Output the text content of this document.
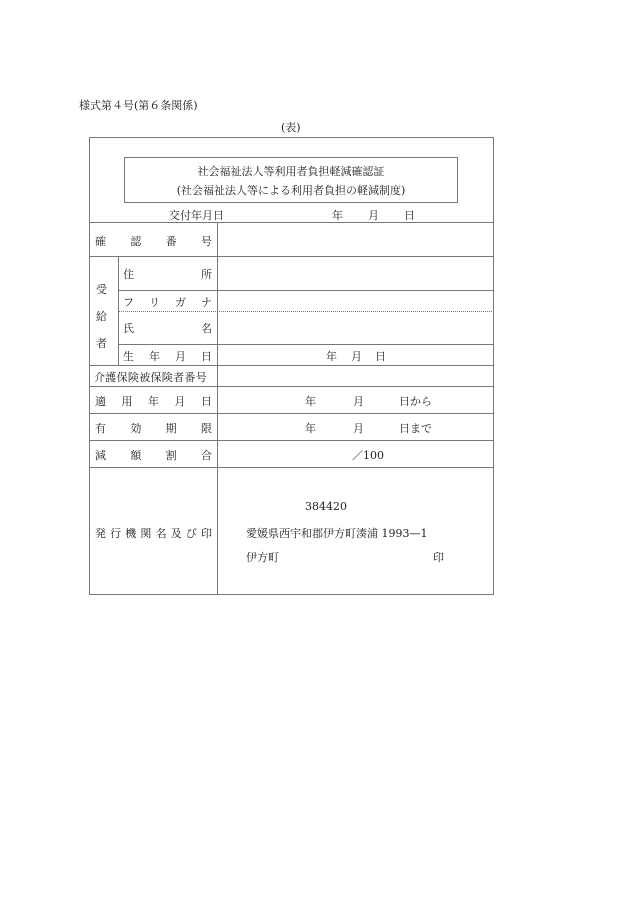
様式第４号(第６条関係)
(表)
社会福祉法人等利用者負担軽減確認証
(社会福祉法人等による利用者負担の軽減制度)
交付年月日	年 月 日
確 認 番 号
受
給
者
住	所
フ リ ガ ナ
氏	名
生 年 月 日	年 月 日
介護保険被保険者番号
適 用 年 月 日	年	月	日から
有 効 期 限	年	月	日まで
減 額 割 合	／100
発 行 機 関 名 及 び 印
384420
愛媛県西宇和郡伊方町湊浦 1993—1
伊方町	印
